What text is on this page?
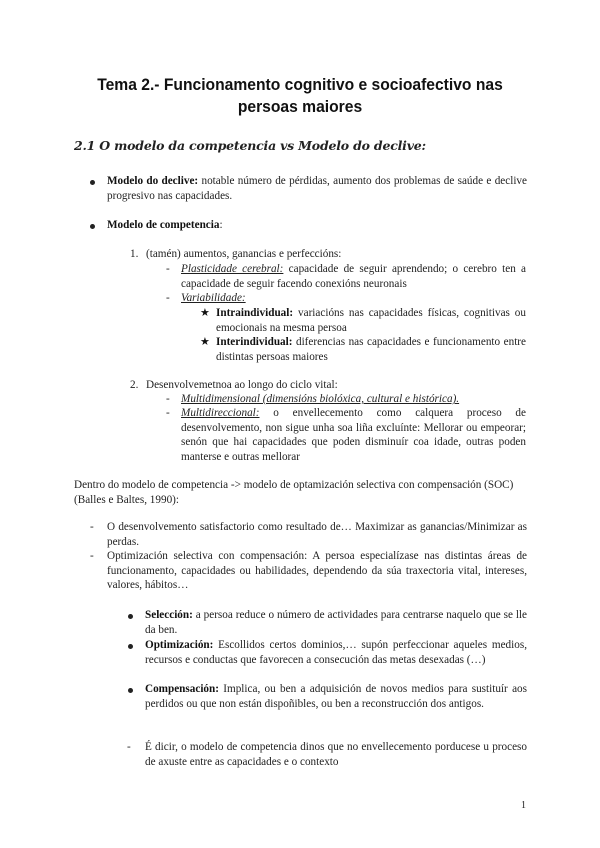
Tema 2.- Funcionamento cognitivo e socioafectivo nas persoas maiores
2.1 O modelo da competencia vs Modelo do declive:

Modelo do declive: notable número de pérdidas, aumento dos problemas de saúde e declive progresivo nas capacidades.

Modelo de competencia:

1. (tamén) aumentos, ganancias e perfeccións:

- Plasticidade cerebral: capacidade de seguir aprendendo; o cerebro ten a capacidade de seguir facendo conexións neuronais

- Variabilidade:

★ Intraindividual: variacións nas capacidades físicas, cognitivas ou emocionais na mesma persoa

★ Interindividual: diferencias nas capacidades e funcionamento entre distintas persoas maiores

2. Desenvolvemetnoa ao longo do ciclo vital:

- Multidimensional (dimensións biolóxica, cultural e histórica).

- Multidireccional: o envellecemento como calquera proceso de desenvolvemento, non sigue unha soa liña excluínte: Mellorar ou empeorar; senón que hai capacidades que poden disminuír coa idade, outras poden manterse e outras mellorar

Dentro do modelo de competencia -> modelo de optamización selectiva con compensación (SOC) (Balles e Baltes, 1990):

- O desenvolvemento satisfactorio como resultado de… Maximizar as ganancias/Minimizar as perdas.

- Optimización selectiva con compensación: A persoa especialízase nas distintas áreas de funcionamento, capacidades ou habilidades, dependendo da súa traxectoria vital, intereses, valores, hábitos…

Selección: a persoa reduce o número de actividades para centrarse naquelo que se lle da ben.

Optimización: Escollidos certos dominios,… supón perfeccionar aqueles medios, recursos e conductas que favorecen a consecución das metas desexadas (…)

Compensación: Implica, ou ben a adquisición de novos medios para sustituír aos perdidos ou que non están dispoñibles, ou ben a reconstrucción dos antigos.

- É dicir, o modelo de competencia dinos que no envellecemento porducese u proceso de axuste entre as capacidades e o contexto

1
